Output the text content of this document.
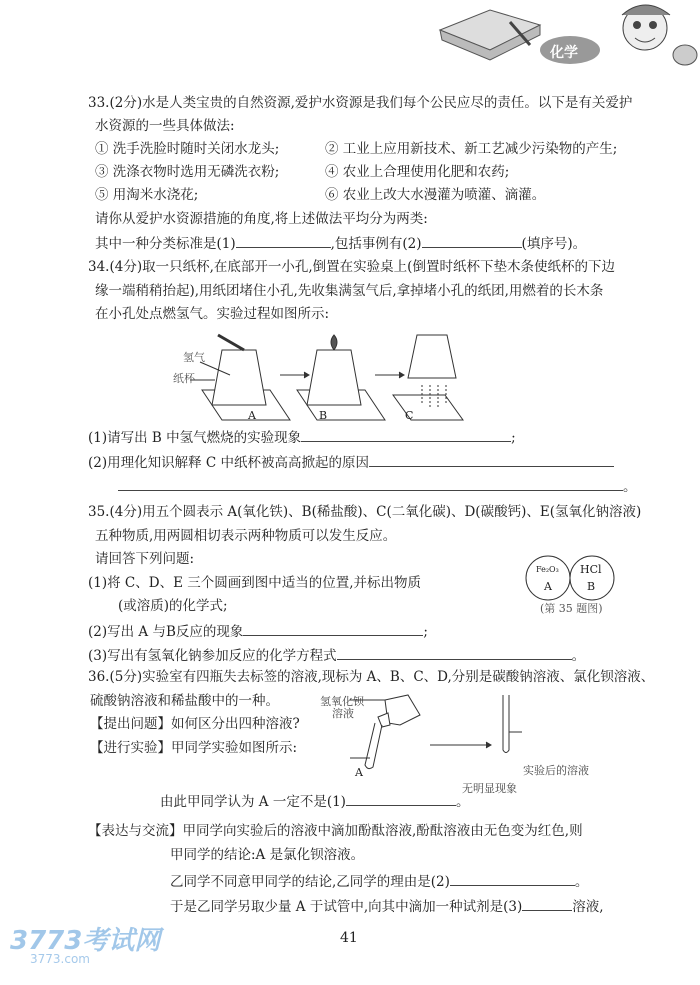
化学
33.(2分)水是人类宝贵的自然资源,爱护水资源是我们每个公民应尽的责任。以下是有关爱护
水资源的一些具体做法:
① 洗手洗脸时随时关闭水龙头;	② 工业上应用新技术、新工艺减少污染物的产生;
③ 洗涤衣物时选用无磷洗衣粉;	④ 农业上合理使用化肥和农药;
⑤ 用淘米水浇花;	⑥ 农业上改大水漫灌为喷灌、滴灌。
请你从爱护水资源措施的角度,将上述做法平均分为两类:
其中一种分类标准是(1)	,包括事例有(2)	(填序号)。
34.(4分)取一只纸杯,在底部开一小孔,倒置在实验桌上(倒置时纸杯下垫木条使纸杯的下边
缘一端稍稍抬起),用纸团堵住小孔,先收集满氢气后,拿掉堵小孔的纸团,用燃着的长木条
在小孔处点燃氢气。实验过程如图所示:
氢气
纸杯
A	B	C
(1)请写出 B 中氢气燃烧的实验现象	;
(2)用理化知识解释 C 中纸杯被高高掀起的原因
。
35.(4分)用五个圆表示 A(氧化铁)、B(稀盐酸)、C(二氧化碳)、D(碳酸钙)、E(氢氧化钠溶液)
五种物质,用两圆相切表示两种物质可以发生反应。
请回答下列问题:
(1)将 C、D、E 三个圆画到图中适当的位置,并标出物质
(或溶质)的化学式;
Fe₂O₃
A
HCl
B
(第 35 题图)
(2)写出 A 与B反应的现象	;
(3)写出有氢氧化钠参加反应的化学方程式	。
36.(5分)实验室有四瓶失去标签的溶液,现标为 A、B、C、D,分别是碳酸钠溶液、氯化钡溶液、
硫酸钠溶液和稀盐酸中的一种。
【提出问题】如何区分出四种溶液?
【进行实验】甲同学实验如图所示:
氢氧化钡
溶液
A	实验后的溶液
无明显现象
由此甲同学认为 A 一定不是(1)	。
【表达与交流】甲同学向实验后的溶液中滴加酚酞溶液,酚酞溶液由无色变为红色,则
甲同学的结论:A 是氯化钡溶液。
乙同学不同意甲同学的结论,乙同学的理由是(2)	。
于是乙同学另取少量 A 于试管中,向其中滴加一种试剂是(3)	溶液,
41
3773考试网
3773.com
